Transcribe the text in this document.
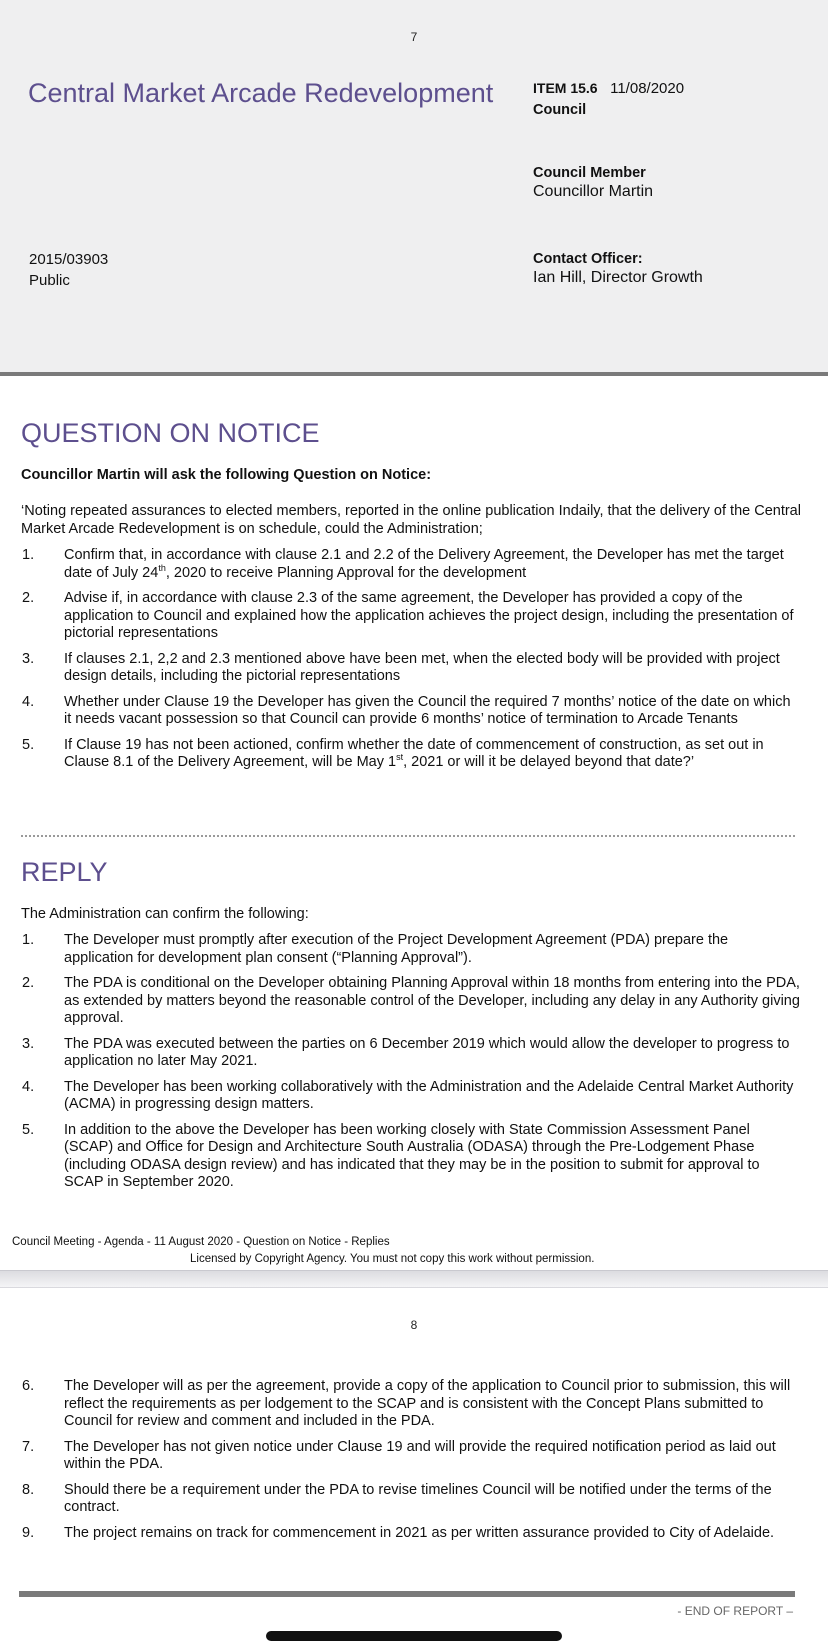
7
Central Market Arcade Redevelopment	ITEM 15.6 11/08/2020
Council
Council Member
Councillor Martin
2015/03903
Public
Contact Officer:
Ian Hill, Director Growth
QUESTION ON NOTICE
Councillor Martin will ask the following Question on Notice:
‘Noting repeated assurances to elected members, reported in the online publication Indaily, that the delivery of the Central Market Arcade Redevelopment is on schedule, could the Administration;
1. Confirm that, in accordance with clause 2.1 and 2.2 of the Delivery Agreement, the Developer has met the target date of July 24th, 2020 to receive Planning Approval for the development
2. Advise if, in accordance with clause 2.3 of the same agreement, the Developer has provided a copy of the application to Council and explained how the application achieves the project design, including the presentation of pictorial representations
3. If clauses 2.1, 2,2 and 2.3 mentioned above have been met, when the elected body will be provided with project design details, including the pictorial representations
4. Whether under Clause 19 the Developer has given the Council the required 7 months’ notice of the date on which it needs vacant possession so that Council can provide 6 months’ notice of termination to Arcade Tenants
5. If Clause 19 has not been actioned, confirm whether the date of commencement of construction, as set out in Clause 8.1 of the Delivery Agreement, will be May 1st, 2021 or will it be delayed beyond that date?’
REPLY
The Administration can confirm the following:
1. The Developer must promptly after execution of the Project Development Agreement (PDA) prepare the application for development plan consent (“Planning Approval”).
2. The PDA is conditional on the Developer obtaining Planning Approval within 18 months from entering into the PDA, as extended by matters beyond the reasonable control of the Developer, including any delay in any Authority giving approval.
3. The PDA was executed between the parties on 6 December 2019 which would allow the developer to progress to application no later May 2021.
4. The Developer has been working collaboratively with the Administration and the Adelaide Central Market Authority (ACMA) in progressing design matters.
5. In addition to the above the Developer has been working closely with State Commission Assessment Panel (SCAP) and Office for Design and Architecture South Australia (ODASA) through the Pre-Lodgement Phase (including ODASA design review) and has indicated that they may be in the position to submit for approval to SCAP in September 2020.
Council Meeting - Agenda - 11 August 2020 - Question on Notice - Replies
Licensed by Copyright Agency. You must not copy this work without permission.
8
6. The Developer will as per the agreement, provide a copy of the application to Council prior to submission, this will reflect the requirements as per lodgement to the SCAP and is consistent with the Concept Plans submitted to Council for review and comment and included in the PDA.
7. The Developer has not given notice under Clause 19 and will provide the required notification period as laid out within the PDA.
8. Should there be a requirement under the PDA to revise timelines Council will be notified under the terms of the contract.
9. The project remains on track for commencement in 2021 as per written assurance provided to City of Adelaide.
- END OF REPORT –
